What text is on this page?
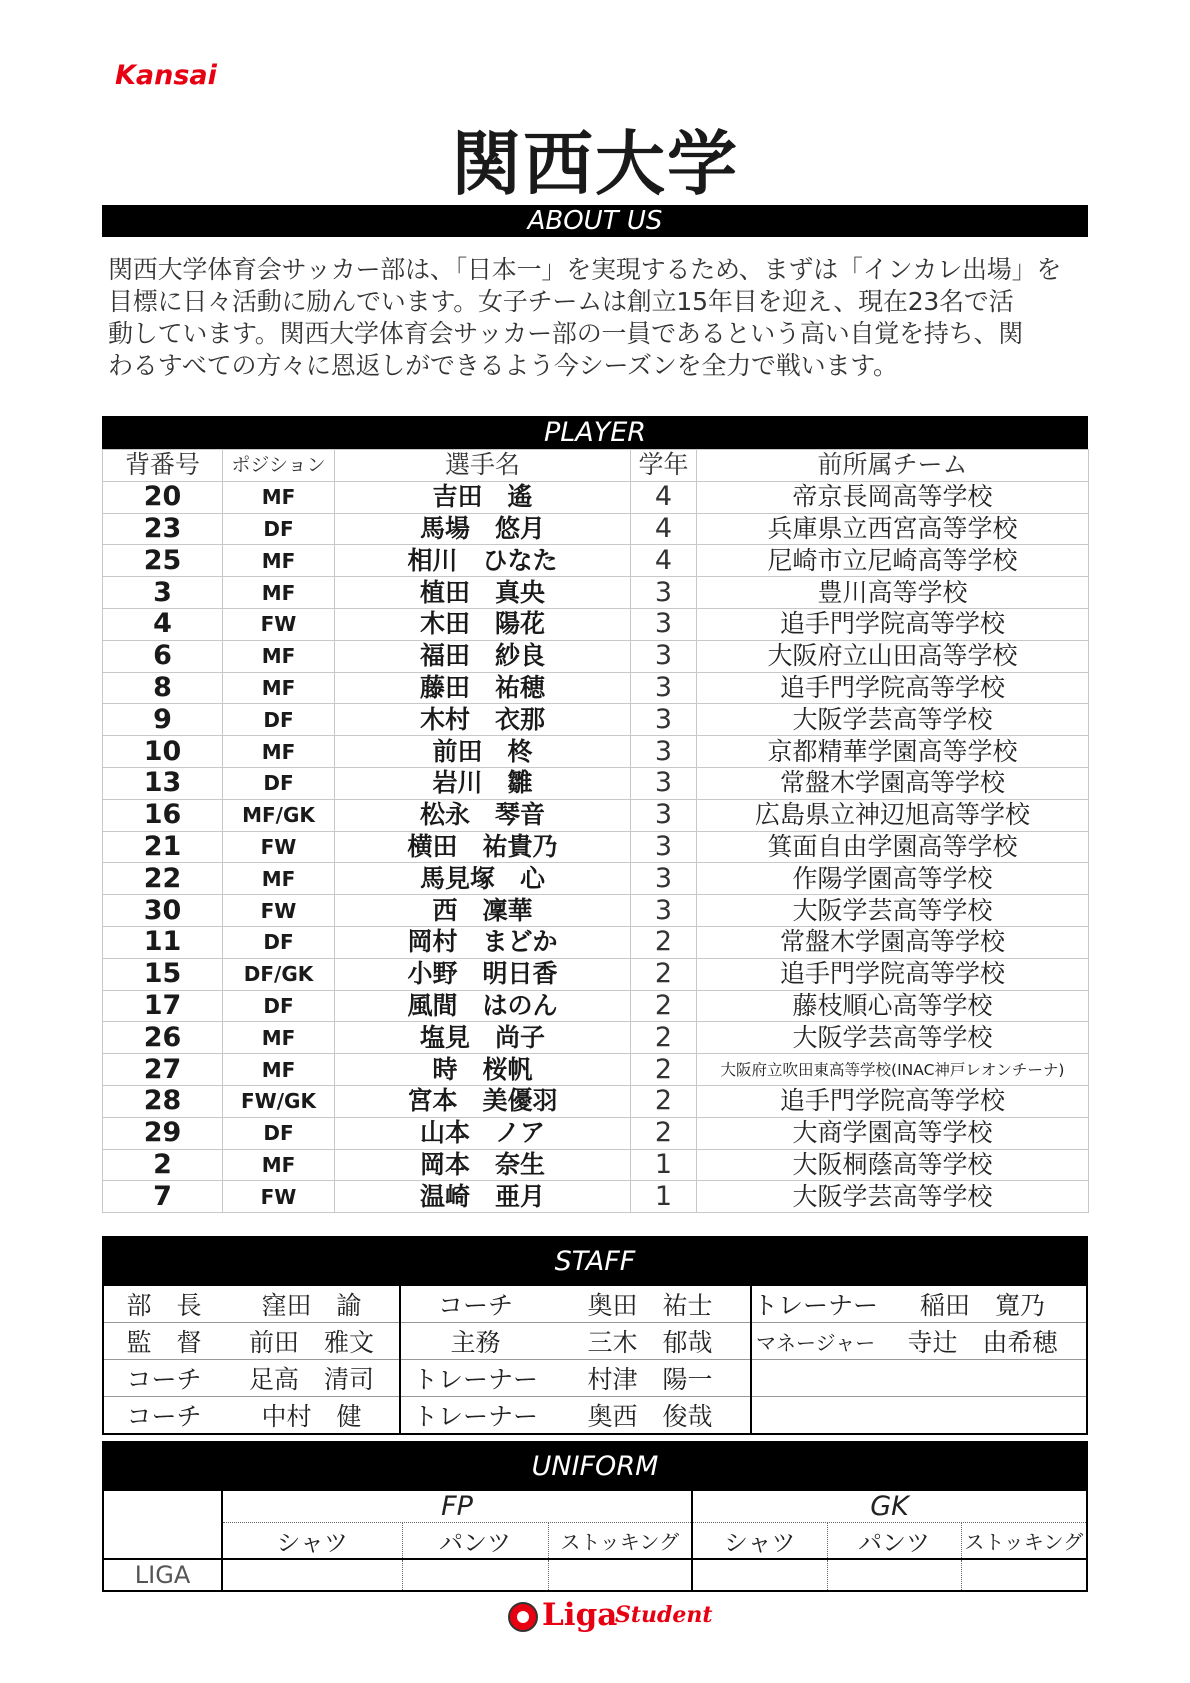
Kansai
関西大学
ABOUT US
関西大学体育会サッカー部は、「日本一」を実現するため、まずは「インカレ出場」を
目標に日々活動に励んでいます。女子チームは創立15年目を迎え、現在23名で活
動しています。関西大学体育会サッカー部の一員であるという高い自覚を持ち、関
わるすべての方々に恩返しができるよう今シーズンを全力で戦います。
PLAYER
背番号	ポジション	選手名	学年	前所属チーム
20	MF	吉田　遙	4	帝京長岡高等学校
23	DF	馬場　悠月	4	兵庫県立西宮高等学校
25	MF	相川　ひなた	4	尼崎市立尼崎高等学校
3	MF	植田　真央	3	豊川高等学校
4	FW	木田　陽花	3	追手門学院高等学校
6	MF	福田　紗良	3	大阪府立山田高等学校
8	MF	藤田　祐穂	3	追手門学院高等学校
9	DF	木村　衣那	3	大阪学芸高等学校
10	MF	前田　柊	3	京都精華学園高等学校
13	DF	岩川　雛	3	常盤木学園高等学校
16	MF/GK	松永　琴音	3	広島県立神辺旭高等学校
21	FW	横田　祐貴乃	3	箕面自由学園高等学校
22	MF	馬見塚　心	3	作陽学園高等学校
30	FW	西　凜華	3	大阪学芸高等学校
11	DF	岡村　まどか	2	常盤木学園高等学校
15	DF/GK	小野　明日香	2	追手門学院高等学校
17	DF	風間　はのん	2	藤枝順心高等学校
26	MF	塩見　尚子	2	大阪学芸高等学校
27	MF	時　桜帆	2	大阪府立吹田東高等学校(INAC神戸レオンチーナ)
28	FW/GK	宮本　美優羽	2	追手門学院高等学校
29	DF	山本　ノア	2	大商学園高等学校
2	MF	岡本　奈生	1	大阪桐蔭高等学校
7	FW	温崎　亜月	1	大阪学芸高等学校
STAFF
部　長	窪田　諭	コーチ	奥田　祐士	トレーナー	稲田　寛乃
監　督	前田　雅文	主務	三木　郁哉	マネージャー	寺辻　由希穂
コーチ	足高　清司	トレーナー	村津　陽一		
コーチ	中村　健	トレーナー	奥西　俊哉		
UNIFORM
	FP			GK		
	シャツ	パンツ	ストッキング	シャツ	パンツ	ストッキング
LIGA						
Liga
Student
